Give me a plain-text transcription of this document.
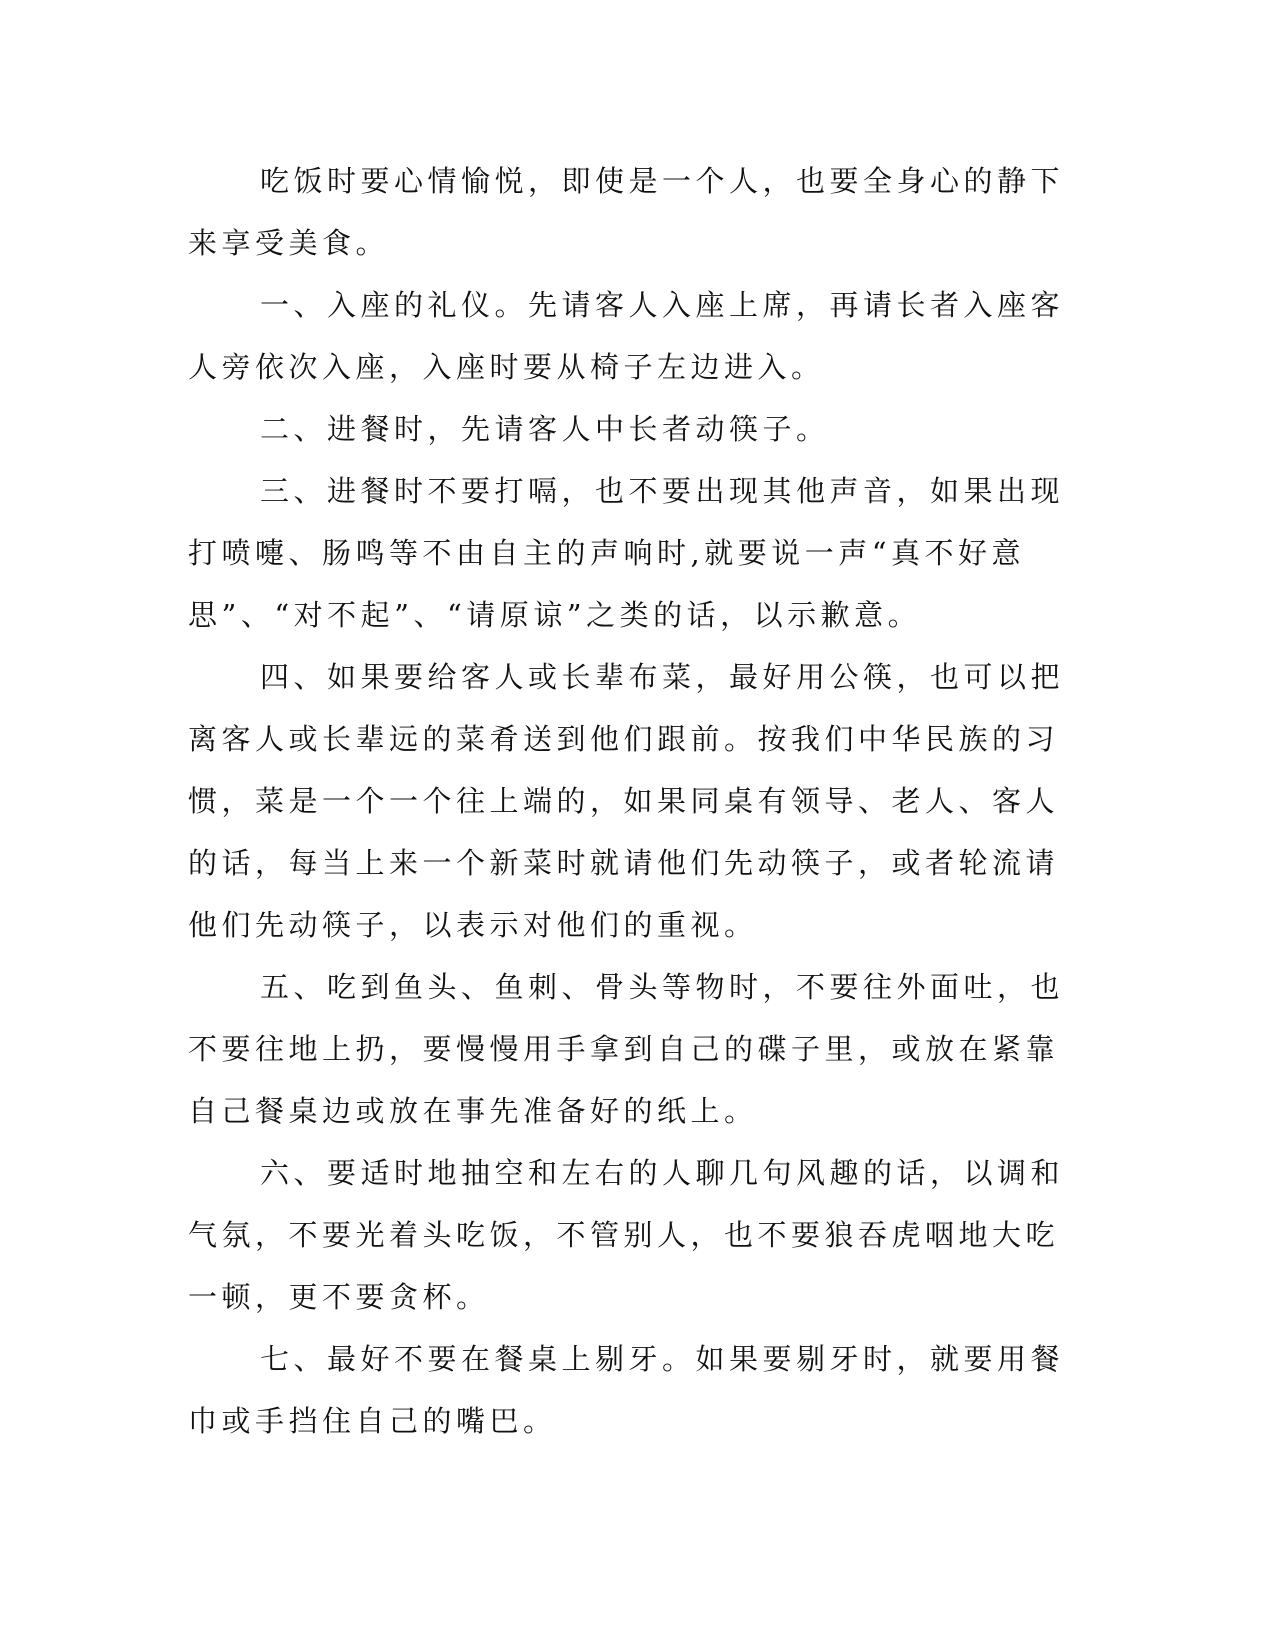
吃饭时要心情愉悦，即使是一个人，也要全身心的静下来享受美食。

一、入座的礼仪。先请客人入座上席，再请长者入座客人旁依次入座，入座时要从椅子左边进入。

二、进餐时，先请客人中长者动筷子。

三、进餐时不要打嗝，也不要出现其他声音，如果出现打喷嚏、肠鸣等不由自主的声响时,就要说一声“真不好意思”、“对不起”、“请原谅”之类的话，以示歉意。

四、如果要给客人或长辈布菜，最好用公筷，也可以把离客人或长辈远的菜肴送到他们跟前。按我们中华民族的习惯，菜是一个一个往上端的，如果同桌有领导、老人、客人的话，每当上来一个新菜时就请他们先动筷子，或者轮流请他们先动筷子，以表示对他们的重视。

五、吃到鱼头、鱼刺、骨头等物时，不要往外面吐，也不要往地上扔，要慢慢用手拿到自己的碟子里，或放在紧靠自己餐桌边或放在事先准备好的纸上。

六、要适时地抽空和左右的人聊几句风趣的话，以调和气氛，不要光着头吃饭，不管别人，也不要狼吞虎咽地大吃一顿，更不要贪杯。

七、最好不要在餐桌上剔牙。如果要剔牙时，就要用餐巾或手挡住自己的嘴巴。
